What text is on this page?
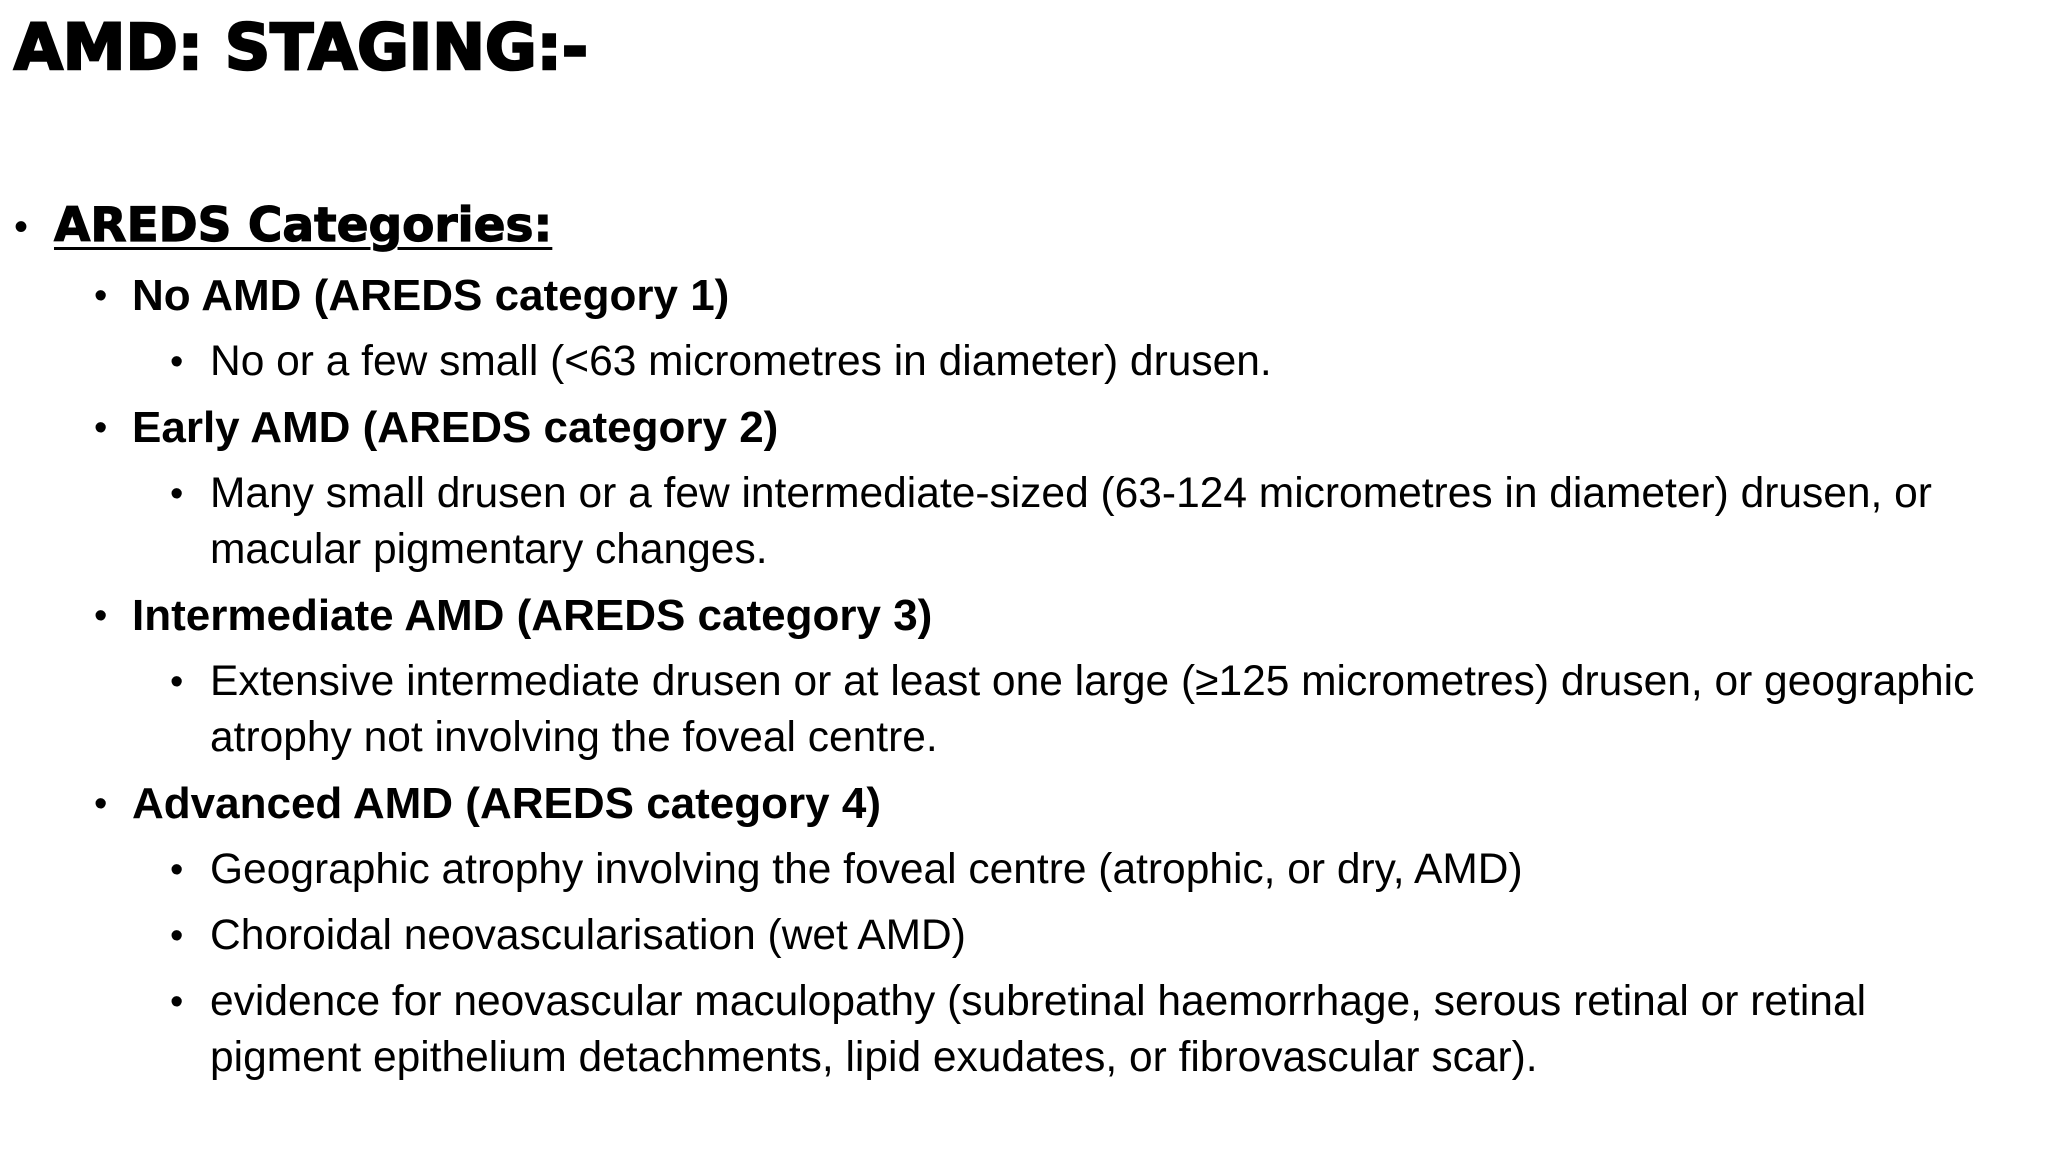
AMD: STAGING:-
• AREDS Categories:
• No AMD (AREDS category 1)
• No or a few small (<63 micrometres in diameter) drusen.
• Early AMD (AREDS category 2)
• Many small drusen or a few intermediate-sized (63-124 micrometres in diameter) drusen, or macular pigmentary changes.
• Intermediate AMD (AREDS category 3)
• Extensive intermediate drusen or at least one large (≥125 micrometres) drusen, or geographic atrophy not involving the foveal centre.
• Advanced AMD (AREDS category 4)
• Geographic atrophy involving the foveal centre (atrophic, or dry, AMD)
• Choroidal neovascularisation (wet AMD)
• evidence for neovascular maculopathy (subretinal haemorrhage, serous retinal or retinal pigment epithelium detachments, lipid exudates, or fibrovascular scar).
